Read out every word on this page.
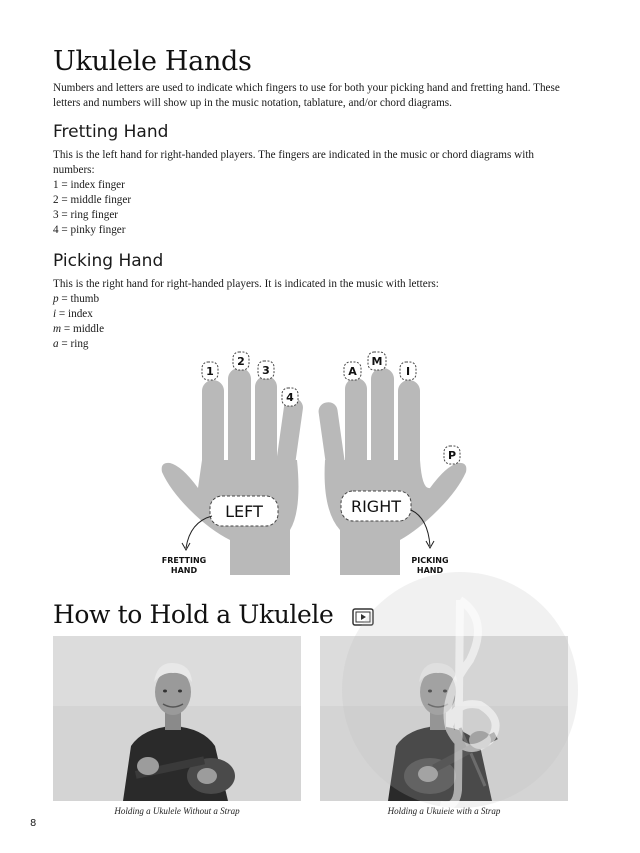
Ukulele Hands

Numbers and letters are used to indicate which fingers to use for both your picking hand and fretting hand. These

letters and numbers will show up in the music notation, tablature, and/or chord diagrams.

Fretting Hand

This is the left hand for right-handed players. The fingers are indicated in the music or chord diagrams with

numbers:

1 = index finger
2 = middle finger
3 = ring finger
4 = pinky finger
Picking Hand

This is the right hand for right-handed players. It is indicated in the music with letters:

p = thumb
i = index
m = middle
a = ring
1
2
3
4
A
M
I
P
LEFT	RIGHT
FRETTING
HAND
PICKING
HAND
How to Hold a Ukulele

Holding a Ukulele Without a Strap	Holding a Ukulele with a Strap

8
